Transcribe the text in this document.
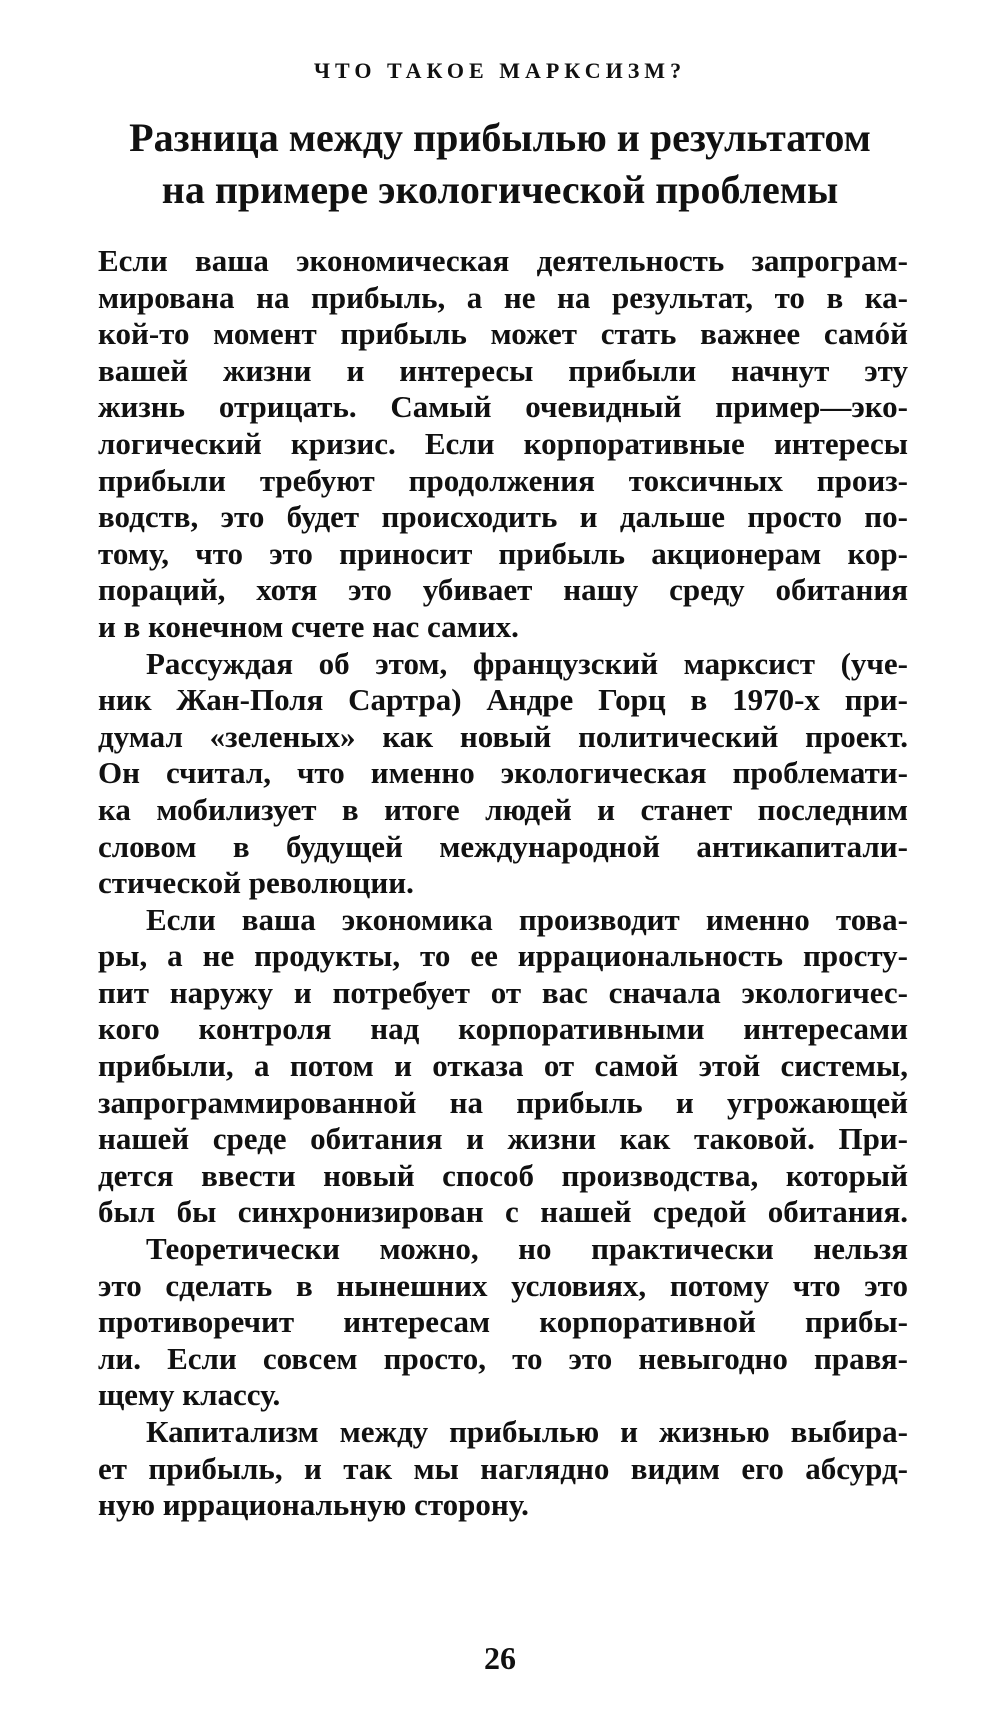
ЧТО ТАКОЕ МАРКСИЗМ?
Разница между прибылью и результатом
на примере экологической проблемы

Если ваша экономическая деятельность запрограм-
мирована на прибыль, а не на результат, то в ка-
кой-то момент прибыль может стать важнее самóй
вашей жизни и интересы прибыли начнут эту
жизнь отрицать. Самый очевидный пример—эко-
логический кризис. Если корпоративные интересы
прибыли требуют продолжения токсичных произ-
водств, это будет происходить и дальше просто по-
тому, что это приносит прибыль акционерам кор-
пораций, хотя это убивает нашу среду обитания
и в конечном счете нас самих.

Рассуждая об этом, французский марксист (уче-
ник Жан-Поля Сартра) Андре Горц в 1970-х при-
думал «зеленых» как новый политический проект.
Он считал, что именно экологическая проблемати-
ка мобилизует в итоге людей и станет последним
словом в будущей международной антикапитали-
стической революции.

Если ваша экономика производит именно това-
ры, а не продукты, то ее иррациональность просту-
пит наружу и потребует от вас сначала экологичес-
кого контроля над корпоративными интересами
прибыли, а потом и отказа от самой этой системы,
запрограммированной на прибыль и угрожающей
нашей среде обитания и жизни как таковой. При-
дется ввести новый способ производства, который
был бы синхронизирован с нашей средой обитания.

Теоретически можно, но практически нельзя
это сделать в нынешних условиях, потому что это
противоречит интересам корпоративной прибы-
ли. Если совсем просто, то это невыгодно правя-
щему классу.

Капитализм между прибылью и жизнью выбира-
ет прибыль, и так мы наглядно видим его абсурд-
ную иррациональную сторону.

26
